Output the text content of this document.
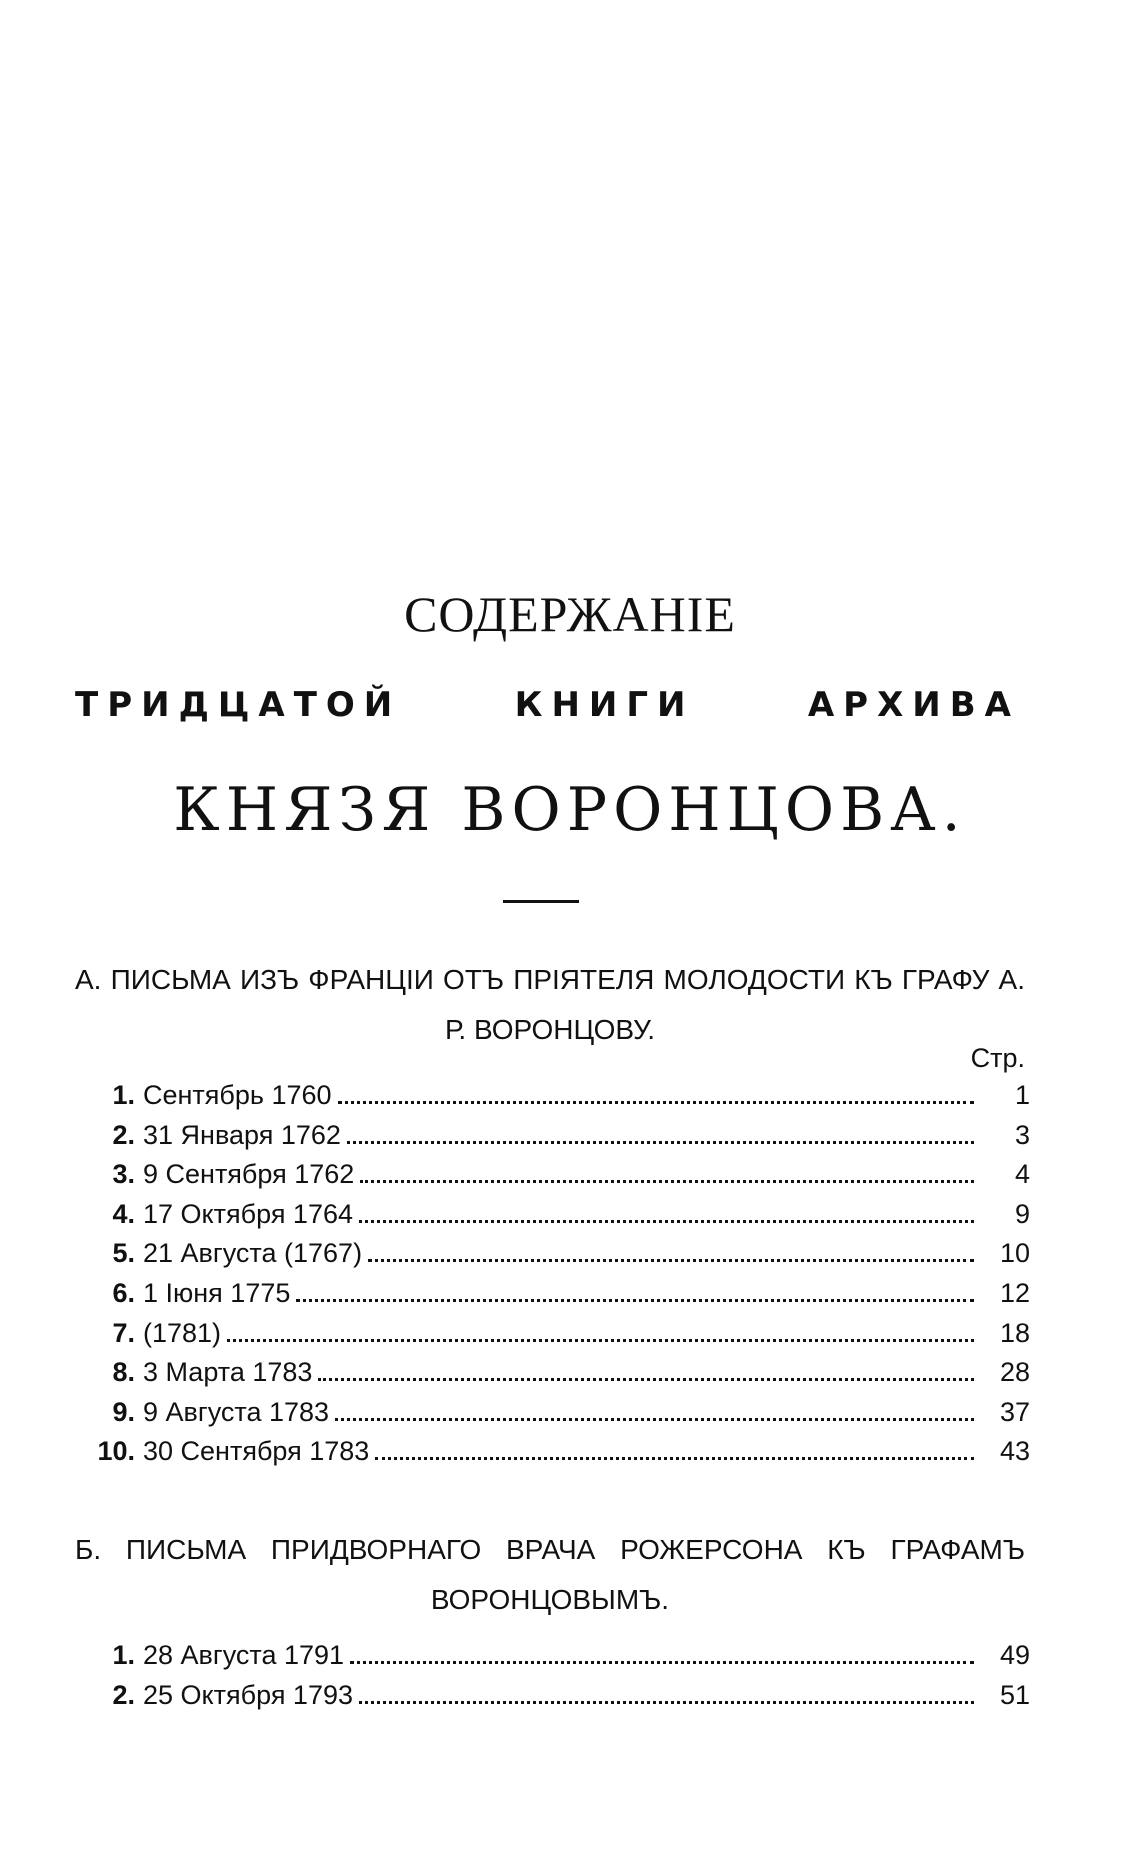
СОДЕРЖАНІЕ
ТРИДЦАТОЙ КНИГИ АРХИВА
КНЯЗЯ ВОРОНЦОВА.
А. ПИСЬМА ИЗЪ ФРАНЦІИ ОТЪ ПРІЯТЕЛЯ МОЛОДОСТИ КЪ ГРАФУ А. Р. ВОРОНЦОВУ.
Стр.
1. Сентябрь 1760	1
2. 31 Января 1762	3
3. 9 Сентября 1762	4
4. 17 Октября 1764	9
5. 21 Августа (1767)	10
6. 1 Іюня 1775	12
7. (1781)	18
8. 3 Марта 1783	28
9. 9 Августа 1783	37
10. 30 Сентября 1783	43
Б. ПИСЬМА ПРИДВОРНАГО ВРАЧА РОЖЕРСОНА КЪ ГРАФАМЪ ВОРОНЦОВЫМЪ.
1. 28 Августа 1791	49
2. 25 Октября 1793	51
